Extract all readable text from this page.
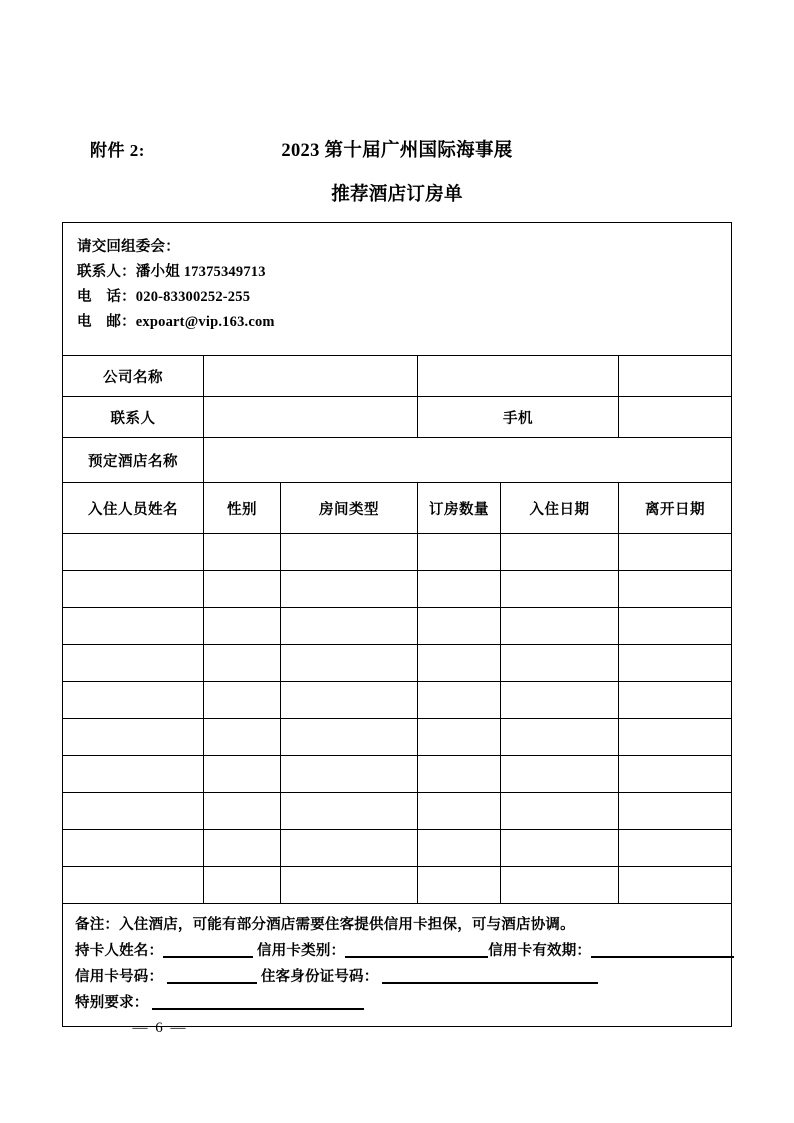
附件 2:	2023 第十届广州国际海事展
推荐酒店订房单
请交回组委会：
联系人：潘小姐 17375349713
电　话：020-83300252-255
电　邮：expoart@vip.163.com					

公司名称					
联系人			手机		
预定酒店名称					
入住人员姓名	性别	房间类型	订房数量	入住日期	离开日期

备注：入住酒店，可能有部分酒店需要住客提供信用卡担保，可与酒店协调。
持卡人姓名： 信用卡类别： 信用卡有效期：
信用卡号码： 住客身份证号码：
特别要求：					
— 6 —
